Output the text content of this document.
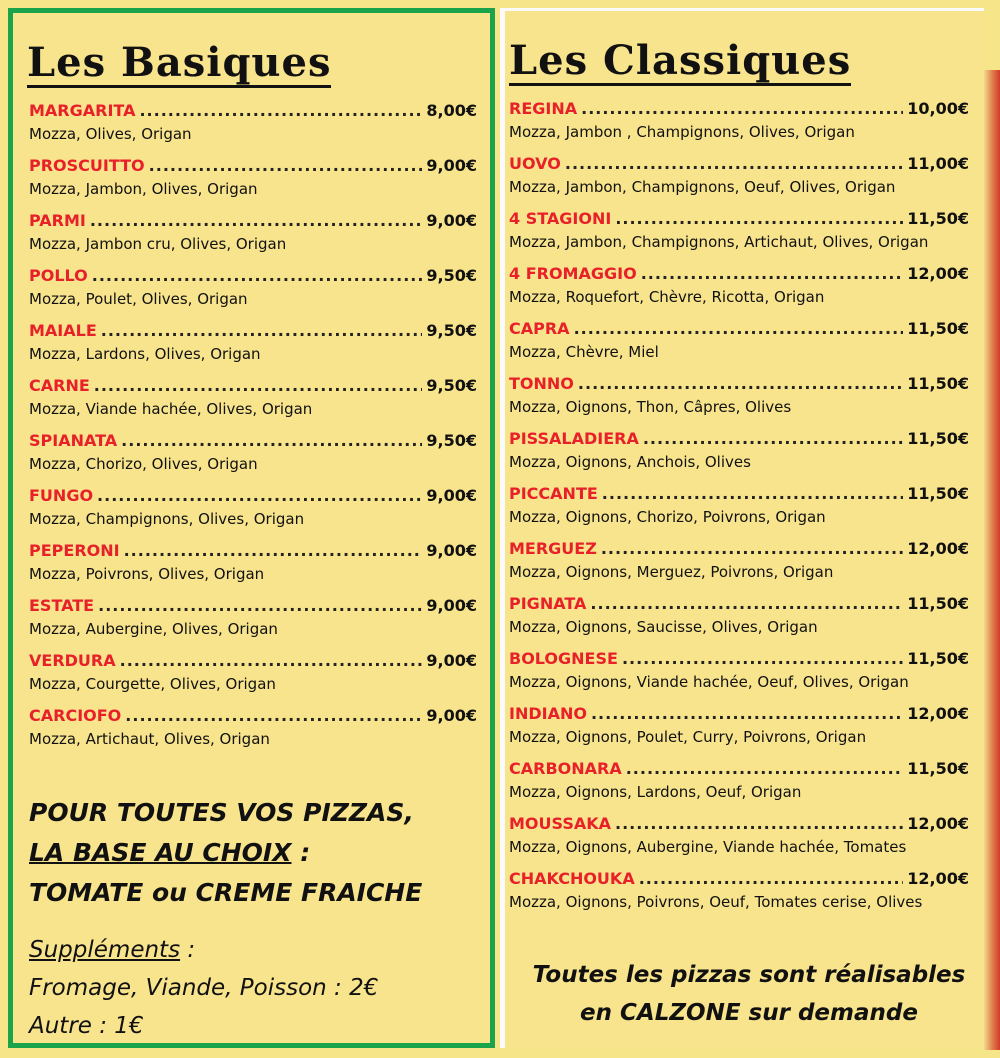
Les Basiques
MARGARITA .....	8,00€
Mozza, Olives, Origan
PROSCUITTO .....	9,00€
Mozza, Jambon, Olives, Origan
PARMI .....	9,00€
Mozza, Jambon cru, Olives, Origan
POLLO .....	9,50€
Mozza, Poulet, Olives, Origan
MAIALE .....	9,50€
Mozza, Lardons, Olives, Origan
CARNE .....	9,50€
Mozza, Viande hachée, Olives, Origan
SPIANATA .....	9,50€
Mozza, Chorizo, Olives, Origan
FUNGO .....	9,00€
Mozza, Champignons, Olives, Origan
PEPERONI .....	9,00€
Mozza, Poivrons, Olives, Origan
ESTATE .....	9,00€
Mozza, Aubergine, Olives, Origan
VERDURA .....	9,00€
Mozza, Courgette, Olives, Origan
CARCIOFO .....	9,00€
Mozza, Artichaut, Olives, Origan
POUR TOUTES VOS PIZZAS,
LA BASE AU CHOIX :
TOMATE ou CREME FRAICHE
Suppléments :
Fromage, Viande, Poisson : 2€
Autre : 1€
Les Classiques
REGINA .....	10,00€
Mozza, Jambon , Champignons, Olives, Origan
UOVO .....	11,00€
Mozza, Jambon, Champignons, Oeuf, Olives, Origan
4 STAGIONI .....	11,50€
Mozza, Jambon, Champignons, Artichaut, Olives, Origan
4 FROMAGGIO .....	12,00€
Mozza, Roquefort, Chèvre, Ricotta, Origan
CAPRA .....	11,50€
Mozza, Chèvre, Miel
TONNO .....	11,50€
Mozza, Oignons, Thon, Câpres, Olives
PISSALADIERA .....	11,50€
Mozza, Oignons, Anchois, Olives
PICCANTE .....	11,50€
Mozza, Oignons, Chorizo, Poivrons, Origan
MERGUEZ .....	12,00€
Mozza, Oignons, Merguez, Poivrons, Origan
PIGNATA .....	11,50€
Mozza, Oignons, Saucisse, Olives, Origan
BOLOGNESE .....	11,50€
Mozza, Oignons, Viande hachée, Oeuf, Olives, Origan
INDIANO .....	12,00€
Mozza, Oignons, Poulet, Curry, Poivrons, Origan
CARBONARA .....	11,50€
Mozza, Oignons, Lardons, Oeuf, Origan
MOUSSAKA .....	12,00€
Mozza, Oignons, Aubergine, Viande hachée, Tomates
CHAKCHOUKA .....	12,00€
Mozza, Oignons, Poivrons, Oeuf, Tomates cerise, Olives
Toutes les pizzas sont réalisables
en CALZONE sur demande
